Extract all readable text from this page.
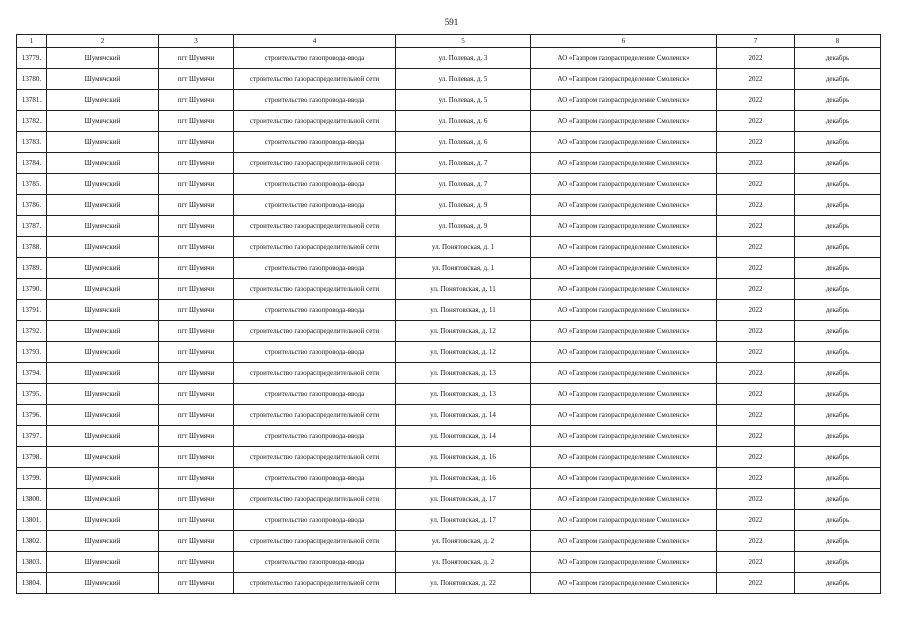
591
1	2	3	4	5	6	7	8
13779.	Шумячский	пгт Шумячи	строительство газопровода-ввода	ул. Полевая, д. 3	АО «Газпром газораспределение Смоленск»	2022	декабрь
13780.	Шумячский	пгт Шумячи	строительство газораспределительной сети	ул. Полевая, д. 5	АО «Газпром газораспределение Смоленск»	2022	декабрь
13781.	Шумячский	пгт Шумячи	строительство газопровода-ввода	ул. Полевая, д. 5	АО «Газпром газораспределение Смоленск»	2022	декабрь
13782.	Шумячский	пгт Шумячи	строительство газораспределительной сети	ул. Полевая, д. 6	АО «Газпром газораспределение Смоленск»	2022	декабрь
13783.	Шумячский	пгт Шумячи	строительство газопровода-ввода	ул. Полевая, д. 6	АО «Газпром газораспределение Смоленск»	2022	декабрь
13784.	Шумячский	пгт Шумячи	строительство газораспределительной сети	ул. Полевая, д. 7	АО «Газпром газораспределение Смоленск»	2022	декабрь
13785.	Шумячский	пгт Шумячи	строительство газопровода-ввода	ул. Полевая, д. 7	АО «Газпром газораспределение Смоленск»	2022	декабрь
13786.	Шумячский	пгт Шумячи	строительство газопровода-ввода	ул. Полевая, д. 9	АО «Газпром газораспределение Смоленск»	2022	декабрь
13787.	Шумячский	пгт Шумячи	строительство газораспределительной сети	ул. Полевая, д. 9	АО «Газпром газораспределение Смоленск»	2022	декабрь
13788.	Шумячский	пгт Шумячи	строительство газораспределительной сети	ул. Понятовская, д. 1	АО «Газпром газораспределение Смоленск»	2022	декабрь
13789.	Шумячский	пгт Шумячи	строительство газопровода-ввода	ул. Понятовская, д. 1	АО «Газпром газораспределение Смоленск»	2022	декабрь
13790.	Шумячский	пгт Шумячи	строительство газораспределительной сети	ул. Понятовская, д. 11	АО «Газпром газораспределение Смоленск»	2022	декабрь
13791.	Шумячский	пгт Шумячи	строительство газопровода-ввода	ул. Понятовская, д. 11	АО «Газпром газораспределение Смоленск»	2022	декабрь
13792.	Шумячский	пгт Шумячи	строительство газораспределительной сети	ул. Понятовская, д. 12	АО «Газпром газораспределение Смоленск»	2022	декабрь
13793.	Шумячский	пгт Шумячи	строительство газопровода-ввода	ул. Понятовская, д. 12	АО «Газпром газораспределение Смоленск»	2022	декабрь
13794.	Шумячский	пгт Шумячи	строительство газораспределительной сети	ул. Понятовская, д. 13	АО «Газпром газораспределение Смоленск»	2022	декабрь
13795.	Шумячский	пгт Шумячи	строительство газопровода-ввода	ул. Понятовская, д. 13	АО «Газпром газораспределение Смоленск»	2022	декабрь
13796.	Шумячский	пгт Шумячи	строительство газораспределительной сети	ул. Понятовская, д. 14	АО «Газпром газораспределение Смоленск»	2022	декабрь
13797.	Шумячский	пгт Шумячи	строительство газопровода-ввода	ул. Понятовская, д. 14	АО «Газпром газораспределение Смоленск»	2022	декабрь
13798.	Шумячский	пгт Шумячи	строительство газораспределительной сети	ул. Понятовская, д. 16	АО «Газпром газораспределение Смоленск»	2022	декабрь
13799.	Шумячский	пгт Шумячи	строительство газопровода-ввода	ул. Понятовская, д. 16	АО «Газпром газораспределение Смоленск»	2022	декабрь
13800.	Шумячский	пгт Шумячи	строительство газораспределительной сети	ул. Понятовская, д. 17	АО «Газпром газораспределение Смоленск»	2022	декабрь
13801.	Шумячский	пгт Шумячи	строительство газопровода-ввода	ул. Понятовская, д. 17	АО «Газпром газораспределение Смоленск»	2022	декабрь
13802.	Шумячский	пгт Шумячи	строительство газораспределительной сети	ул. Понятовская, д. 2	АО «Газпром газораспределение Смоленск»	2022	декабрь
13803.	Шумячский	пгт Шумячи	строительство газопровода-ввода	ул. Понятовская, д. 2	АО «Газпром газораспределение Смоленск»	2022	декабрь
13804.	Шумячский	пгт Шумячи	строительство газораспределительной сети	ул. Понятовская, д. 22	АО «Газпром газораспределение Смоленск»	2022	декабрь
